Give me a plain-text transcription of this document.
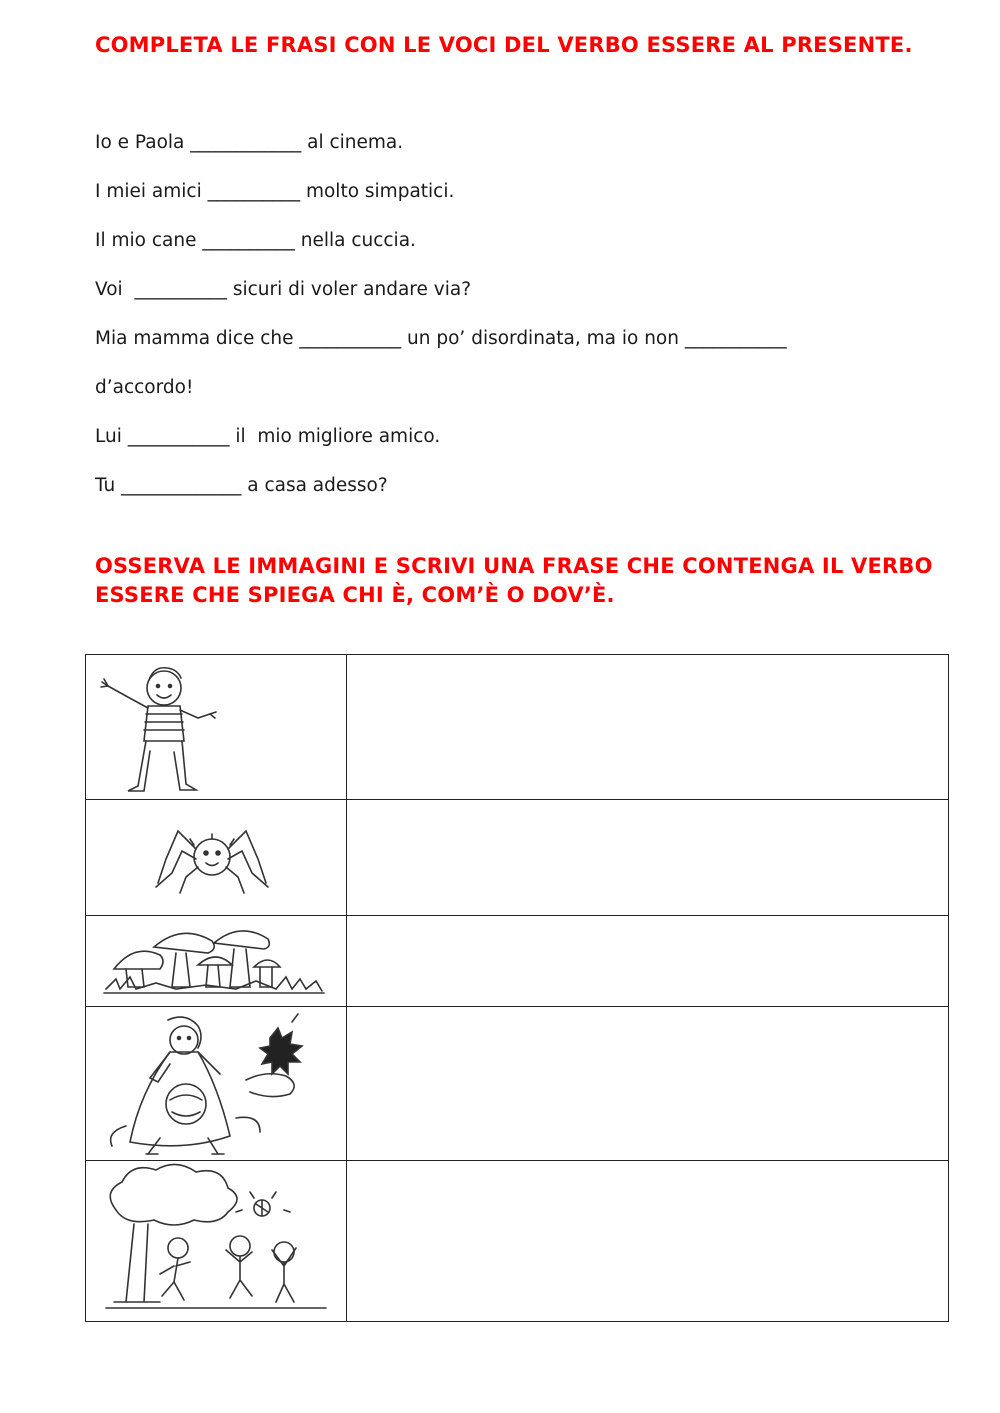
COMPLETA LE FRASI CON LE VOCI DEL VERBO ESSERE AL PRESENTE.

Io e Paola ____________ al cinema.

I miei amici __________ molto simpatici.

Il mio cane __________ nella cuccia.

Voi  __________ sicuri di voler andare via?

Mia mamma dice che ___________ un po’ disordinata, ma io non ___________

d’accordo!

Lui ___________ il  mio migliore amico.

Tu _____________ a casa adesso?

OSSERVA LE IMMAGINI E SCRIVI UNA FRASE CHE CONTENGA IL VERBO ESSERE CHE SPIEGA CHI È, COM’È O DOV’È.
